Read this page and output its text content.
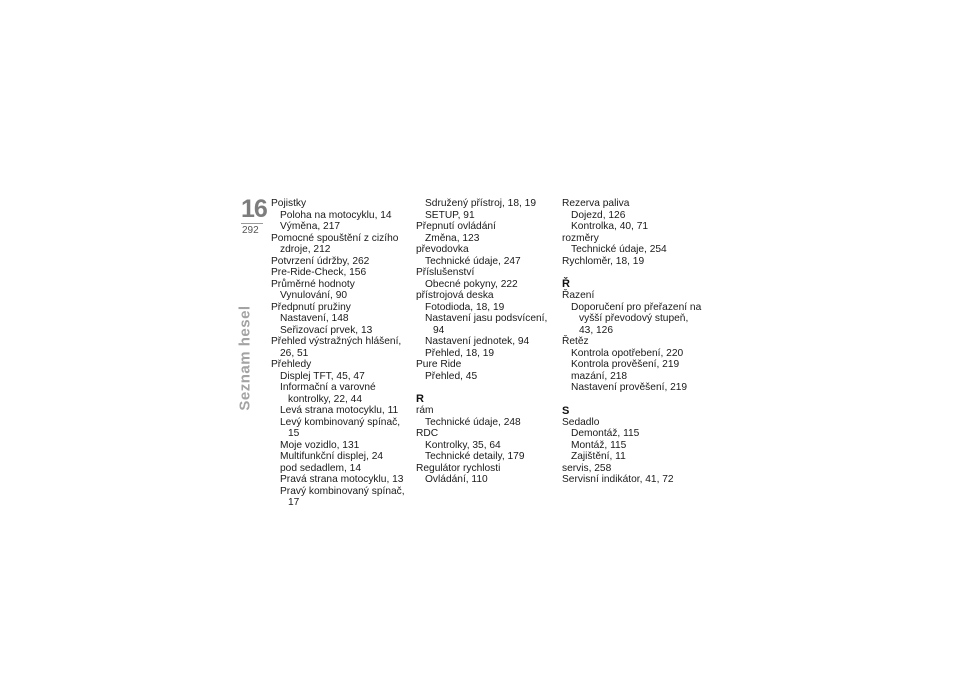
16
292
Seznam hesel
Pojistky
Poloha na motocyklu, 14
Výměna, 217
Pomocné spouštění z cizího zdroje, 212
Potvrzení údržby, 262
Pre-Ride-Check, 156
Průměrné hodnoty
Vynulování, 90
Předpnutí pružiny
Nastavení, 148
Seřizovací prvek, 13
Přehled výstražných hlášení, 26, 51
Přehledy
Displej TFT, 45, 47
Informační a varovné kontrolky, 22, 44
Levá strana motocyklu, 11
Levý kombinovaný spínač, 15
Moje vozidlo, 131
Multifunkční displej, 24
pod sedadlem, 14
Pravá strana motocyklu, 13
Pravý kombinovaný spínač, 17
Sdružený přístroj, 18, 19
SETUP, 91
Přepnutí ovládání
Změna, 123
převodovka
Technické údaje, 247
Příslušenství
Obecné pokyny, 222
přístrojová deska
Fotodioda, 18, 19
Nastavení jasu podsvícení, 94
Nastavení jednotek, 94
Přehled, 18, 19
Pure Ride
Přehled, 45
R
rám
Technické údaje, 248
RDC
Kontrolky, 35, 64
Technické detaily, 179
Regulátor rychlosti
Ovládání, 110
Rezerva paliva
Dojezd, 126
Kontrolka, 40, 71
rozměry
Technické údaje, 254
Rychloměr, 18, 19
Ř
Řazení
Doporučení pro přeřazení na vyšší převodový stupeň, 43, 126
Řetěz
Kontrola opotřebení, 220
Kontrola prověšení, 219
mazání, 218
Nastavení prověšení, 219
S
Sedadlo
Demontáž, 115
Montáž, 115
Zajištění, 11
servis, 258
Servisní indikátor, 41, 72
